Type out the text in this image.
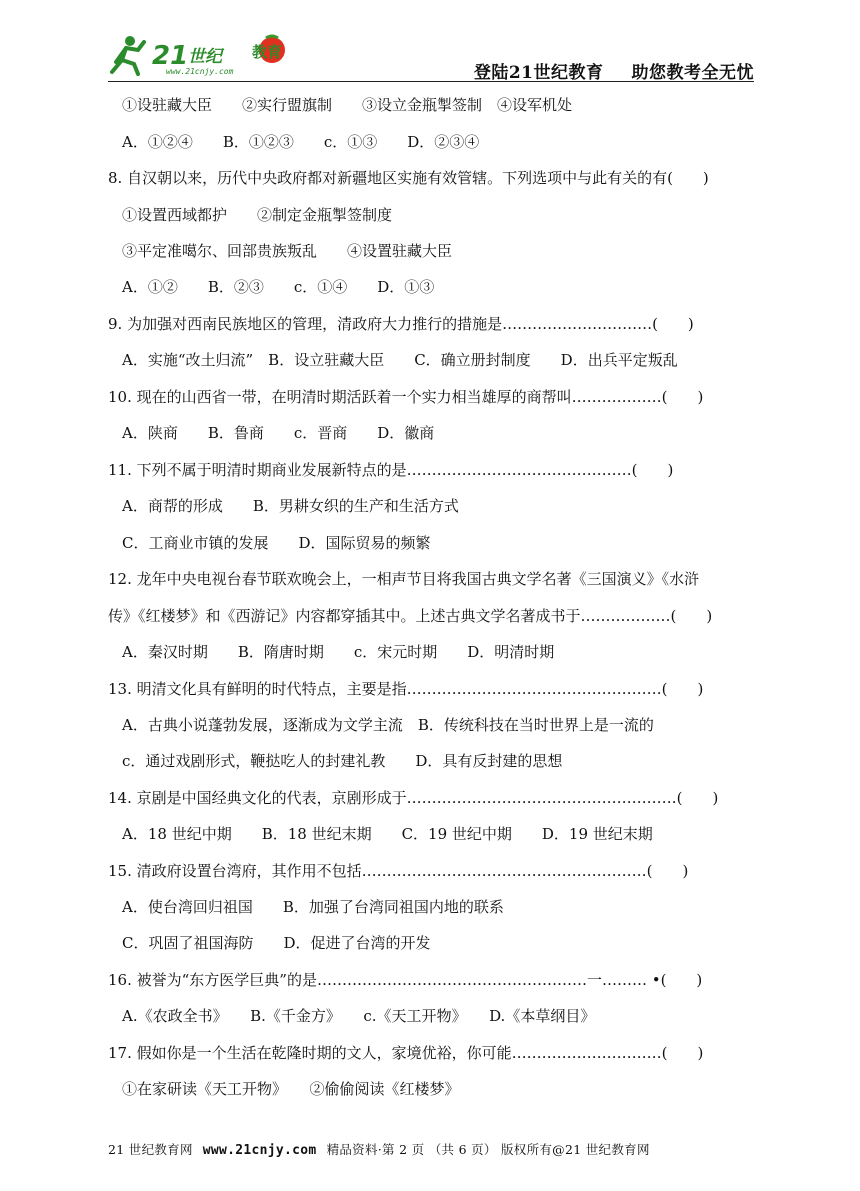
21 世纪 教育
www.21cnjy.com	登陆21世纪教育 助您教考全无忧
①设驻藏大臣　　②实行盟旗制　　③设立金瓶掣签制　④设军机处
A．①②④　　B．①②③　　c．①③　　D．②③④
8. 自汉朝以来，历代中央政府都对新疆地区实施有效管辖。下列选项中与此有关的有(　　)
①设置西域都护　　②制定金瓶掣签制度
③平定准噶尔、回部贵族叛乱　　④设置驻藏大臣
A．①②　　B．②③　　c．①④　　D．①③
9. 为加强对西南民族地区的管理，清政府大力推行的措施是…………………………(　　)
A．实施“改土归流”　B．设立驻藏大臣　　C．确立册封制度　　D．出兵平定叛乱
10. 现在的山西省一带，在明清时期活跃着一个实力相当雄厚的商帮叫………………(　　)
A．陕商　　B．鲁商　　c．晋商　　D．徽商
11. 下列不属于明清时期商业发展新特点的是………………………………………(　　)
A．商帮的形成　　B．男耕女织的生产和生活方式
C．工商业市镇的发展　　D．国际贸易的频繁
12. 龙年中央电视台春节联欢晚会上，一相声节目将我国古典文学名著《三国演义》《水浒
传》《红楼梦》和《西游记》内容都穿插其中。上述古典文学名著成书于………………(　　)
A．秦汉时期　　B．隋唐时期　　c．宋元时期　　D．明清时期
13. 明清文化具有鲜明的时代特点，主要是指……………………………………………(　　)
A．古典小说蓬勃发展，逐渐成为文学主流　B．传统科技在当时世界上是一流的
c．通过戏剧形式，鞭挞吃人的封建礼教　　D．具有反封建的思想
14. 京剧是中国经典文化的代表，京剧形成于………………………………………………(　　)
A．18 世纪中期　　B．18 世纪末期　　C．19 世纪中期　　D．19 世纪末期
15. 清政府设置台湾府，其作用不包括…………………………………………………(　　)
A．使台湾回归祖国　　B．加强了台湾同祖国内地的联系
C．巩固了祖国海防　　D．促进了台湾的开发
16. 被誉为“东方医学巨典”的是………………………………………………一……… •(　　)
A.《农政全书》　　B.《千金方》　　c.《天工开物》　　D.《本草纲目》
17. 假如你是一个生活在乾隆时期的文人，家境优裕，你可能…………………………(　　)
①在家研读《天工开物》　　②偷偷阅读《红楼梦》
21 世纪教育网 www.21cnjy.com 精品资料·第 2 页 （共 6 页） 版权所有@21 世纪教育网
